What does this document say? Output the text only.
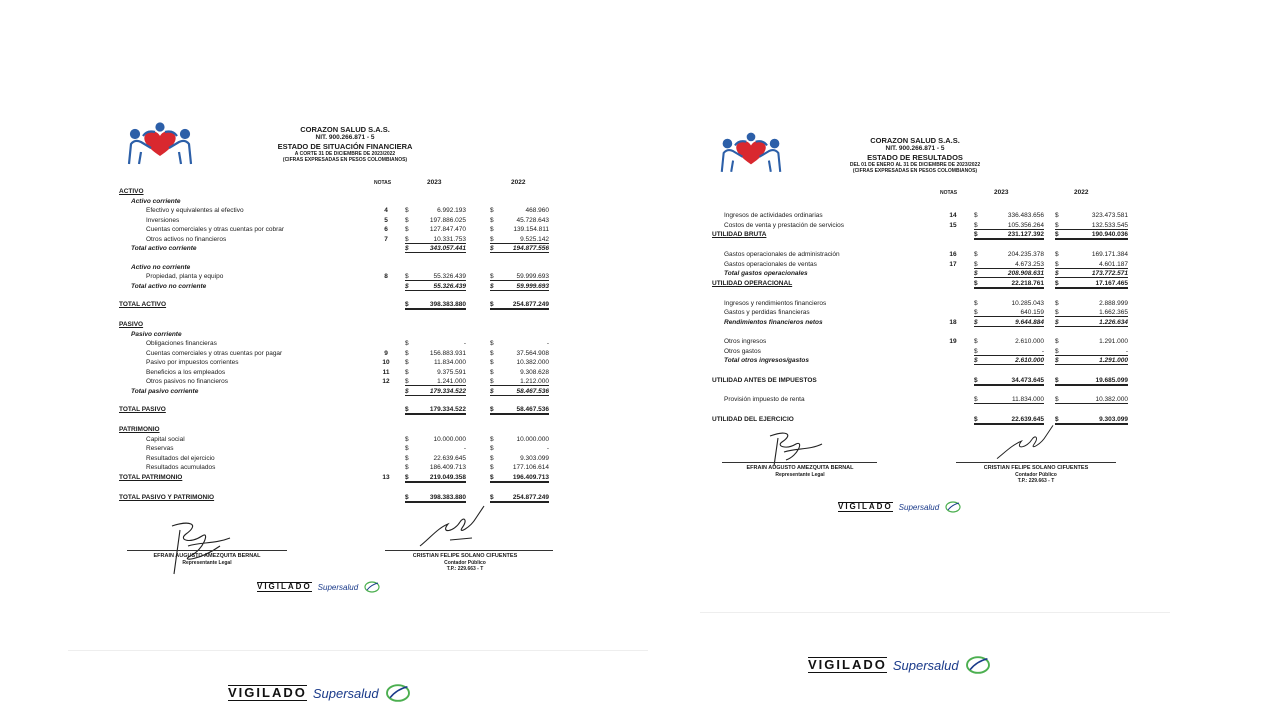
CORAZON SALUD S.A.S.
NIT. 900.266.871 - 5
ESTADO DE SITUACIÓN FINANCIERA
A CORTE 31 DE DICIEMBRE DE 2023/2022
(CIFRAS EXPRESADAS EN PESOS COLOMBIANOS)
NOTAS	2023	2022
ACTIVO
Activo corriente
Efectivo y equivalentes al efectivo	4	$	6.992.193	$	468.960
Inversiones	5	$	197.886.025	$	45.728.643
Cuentas comerciales y otras cuentas por cobrar	6	$	127.847.470	$	139.154.811
Otros activos no financieros	7	$	10.331.753	$	9.525.142
Total activo corriente	$	343.057.441	$	194.877.556
Activo no corriente
Propiedad, planta y equipo	8	$	55.326.439	$	59.999.693
Total activo no corriente	$	55.326.439	$	59.999.693
TOTAL ACTIVO	$	398.383.880	$	254.877.249
PASIVO
Pasivo corriente
Obligaciones financieras	$	-	$	-
Cuentas comerciales y otras cuentas por pagar	9	$	156.883.931	$	37.564.908
Pasivo por impuestos corrientes	10	$	11.834.000	$	10.382.000
Beneficios a los empleados	11	$	9.375.591	$	9.308.628
Otros pasivos no financieros	12	$	1.241.000	$	1.212.000
Total pasivo corriente	$	179.334.522	$	58.467.536
TOTAL PASIVO	$	179.334.522	$	58.467.536
PATRIMONIO
Capital social	$	10.000.000	$	10.000.000
Reservas	$	-	$	-
Resultados del ejercicio	$	22.639.645	$	9.303.099
Resultados acumulados	$	186.409.713	$	177.106.614
TOTAL PATRIMONIO	13	$	219.049.358	$	196.409.713
TOTAL PASIVO Y PATRIMONIO	$	398.383.880	$	254.877.249
EFRAIN AUGUSTO AMEZQUITA BERNAL
Representante Legal
CRISTIAN FELIPE SOLANO CIFUENTES
Contador Público
T.P.: 229.663 - T
VIGILADO Supersalud
CORAZON SALUD S.A.S.
NIT. 900.266.871 - 5
ESTADO DE RESULTADOS
DEL 01 DE ENERO AL 31 DE DICIEMBRE DE 2023/2022
(CIFRAS EXPRESADAS EN PESOS COLOMBIANOS)
NOTAS	2023	2022
Ingresos de actividades ordinarias	14	$	336.483.656 $	323.473.581
Costos de venta y prestación de servicios	15	$	105.356.264 $	132.533.545
UTILIDAD BRUTA	$	231.127.392 $	190.940.036
Gastos operacionales de administración	16	$	204.235.378 $	169.171.384
Gastos operacionales de ventas	17	$	4.673.253 $	4.601.187
Total gastos operacionales	$	208.908.631 $	173.772.571
UTILIDAD OPERACIONAL	$	22.218.761 $	17.167.465
Ingresos y rendimientos financieros	$	10.285.043 $	2.888.999
Gastos y perdidas financieras	$	640.159 $	1.662.365
Rendimientos financieros netos	18	$	9.644.884 $	1.226.634
Otros ingresos	19	$	2.610.000 $	1.291.000
Otros gastos	$	- $	-
Total otros ingresos/gastos	$	2.610.000 $	1.291.000
UTILIDAD ANTES DE IMPUESTOS	$	34.473.645 $	19.685.099
Provisión impuesto de renta	$	11.834.000 $	10.382.000
UTILIDAD DEL EJERCICIO	$	22.639.645 $	9.303.099
EFRAIN AUGUSTO AMEZQUITA BERNAL
Representante Legal
CRISTIAN FELIPE SOLANO CIFUENTES
Contador Público
T.P.: 229.663 - T
VIGILADO Supersalud
VIGILADO Supersalud
VIGILADO Supersalud
